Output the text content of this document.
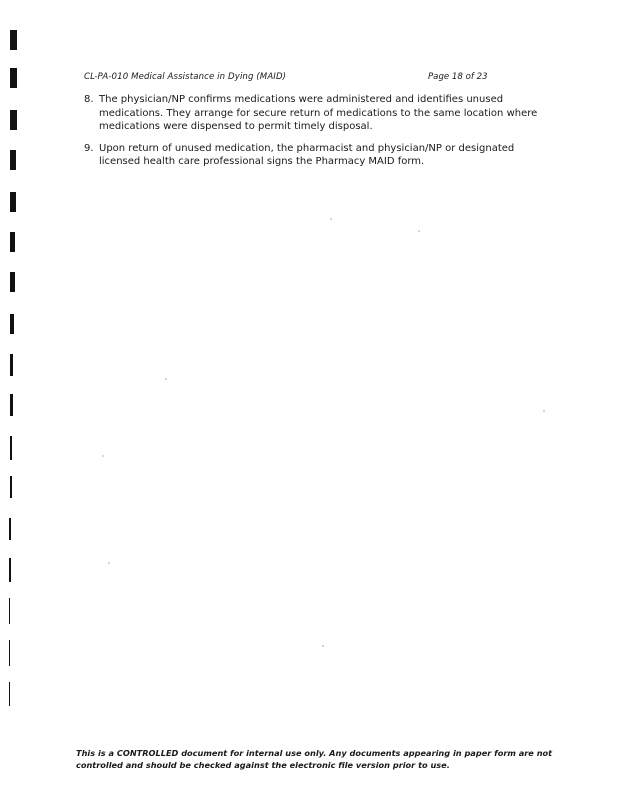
CL-PA-010 Medical Assistance in Dying (MAID)	Page 18 of 23
8. The physician/NP confirms medications were administered and identifies unused medications. They arrange for secure return of medications to the same location where medications were dispensed to permit timely disposal.
9. Upon return of unused medication, the pharmacist and physician/NP or designated licensed health care professional signs the Pharmacy MAID form.
This is a CONTROLLED document for internal use only. Any documents appearing in paper form are not controlled and should be checked against the electronic file version prior to use.
